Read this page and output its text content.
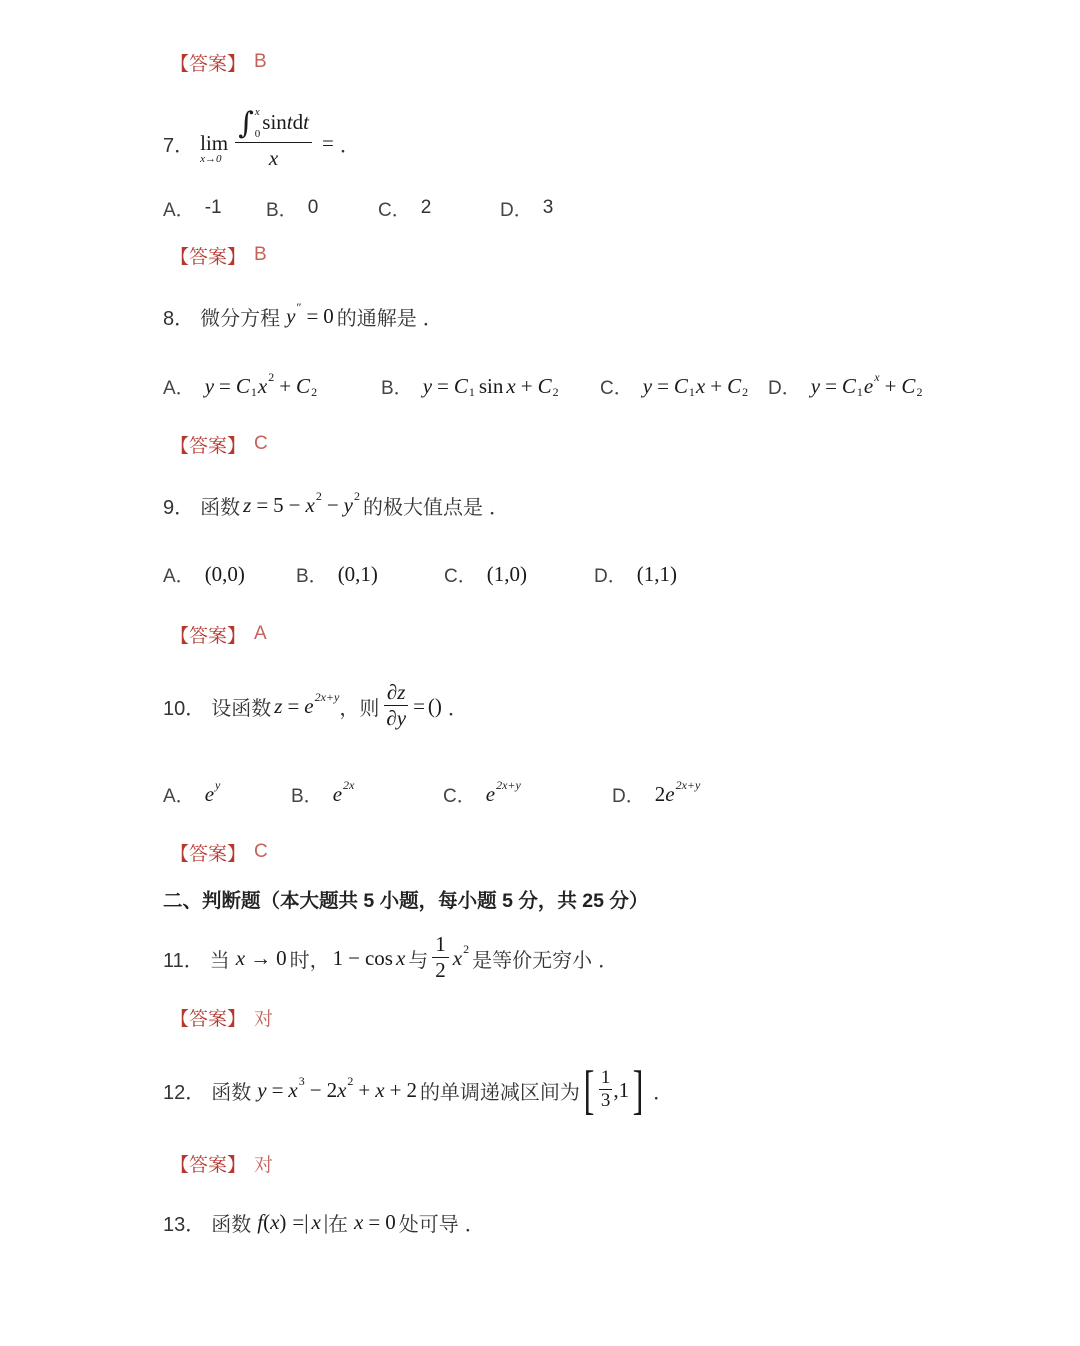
【答案】 B
7． lim
x→0 ∫ x
0 sintdt
x = ．
A． -1 B． 0	C． 2	D． 3
【答案】 B
8． 微分方程 y ″ = 0 的通解是 ．
A． y = C 1 x 2 + C 2	B． y = C 1 sin x + C 2 C． y = C 1 x + C 2 D． y = C 1 e x + C 2
【答案】 C
9． 函数 z = 5 − x 2 − y 2
的极大值点是 ．
A． (0,0)	B． (0,1)	C． (1,0)	D． (1,1)
【答案】 A
10． 设函数 z = e 2x+y
， 则 $\frac{\partial z}{\partial y}$ = () ．
A． e y
B． e 2x
C． e 2x+y
D． 2 e 2x+y
【答案】 C
二、判断题（本大题共 5 小题，每小题 5 分，共 25 分）
11． 当 x → 0 时， 1 − cos x 与 $\frac{1}{2}$ x 2
是等价无穷小 ．
【答案】 对
12． 函数 y = x 3 − 2 x 2 + x + 2 的单调递减区间为 [ $\frac{1}{3} ,1$ ] ．
【答案】 对
13． 函数 f ( x ) = | x | 在 x = 0 处可导 ．
